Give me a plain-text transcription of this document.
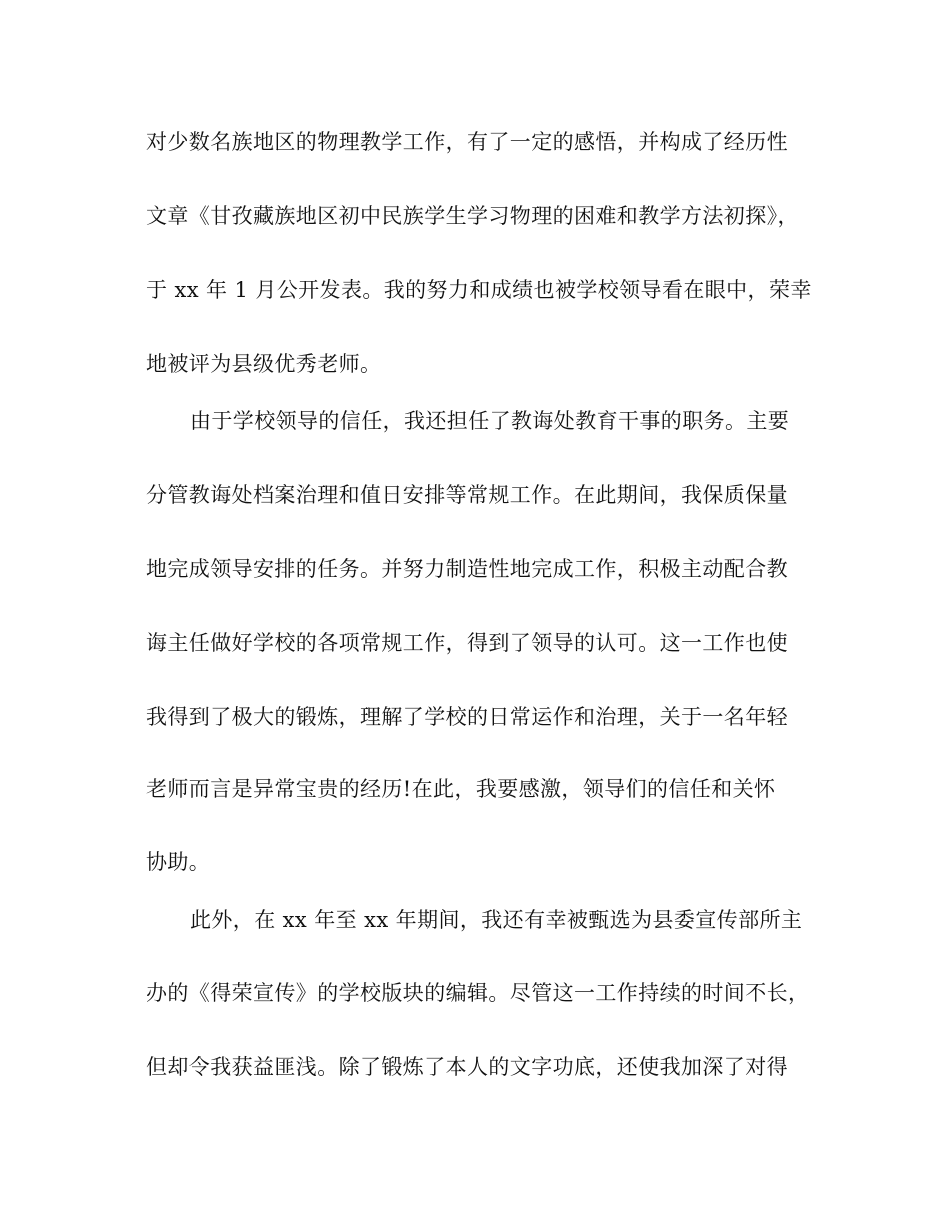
对少数名族地区的物理教学工作，有了一定的感悟，并构成了经历性
文章《甘孜藏族地区初中民族学生学习物理的困难和教学方法初探》，
于 xx 年 1 月公开发表。我的努力和成绩也被学校领导看在眼中，荣幸
地被评为县级优秀老师。
由于学校领导的信任，我还担任了教诲处教育干事的职务。主要
分管教诲处档案治理和值日安排等常规工作。在此期间，我保质保量
地完成领导安排的任务。并努力制造性地完成工作，积极主动配合教
诲主任做好学校的各项常规工作，得到了领导的认可。这一工作也使
我得到了极大的锻炼，理解了学校的日常运作和治理，关于一名年轻
老师而言是异常宝贵的经历!在此，我要感激，领导们的信任和关怀
协助。
此外，在 xx 年至 xx 年期间，我还有幸被甄选为县委宣传部所主
办的《得荣宣传》的学校版块的编辑。尽管这一工作持续的时间不长，
但却令我获益匪浅。除了锻炼了本人的文字功底，还使我加深了对得
